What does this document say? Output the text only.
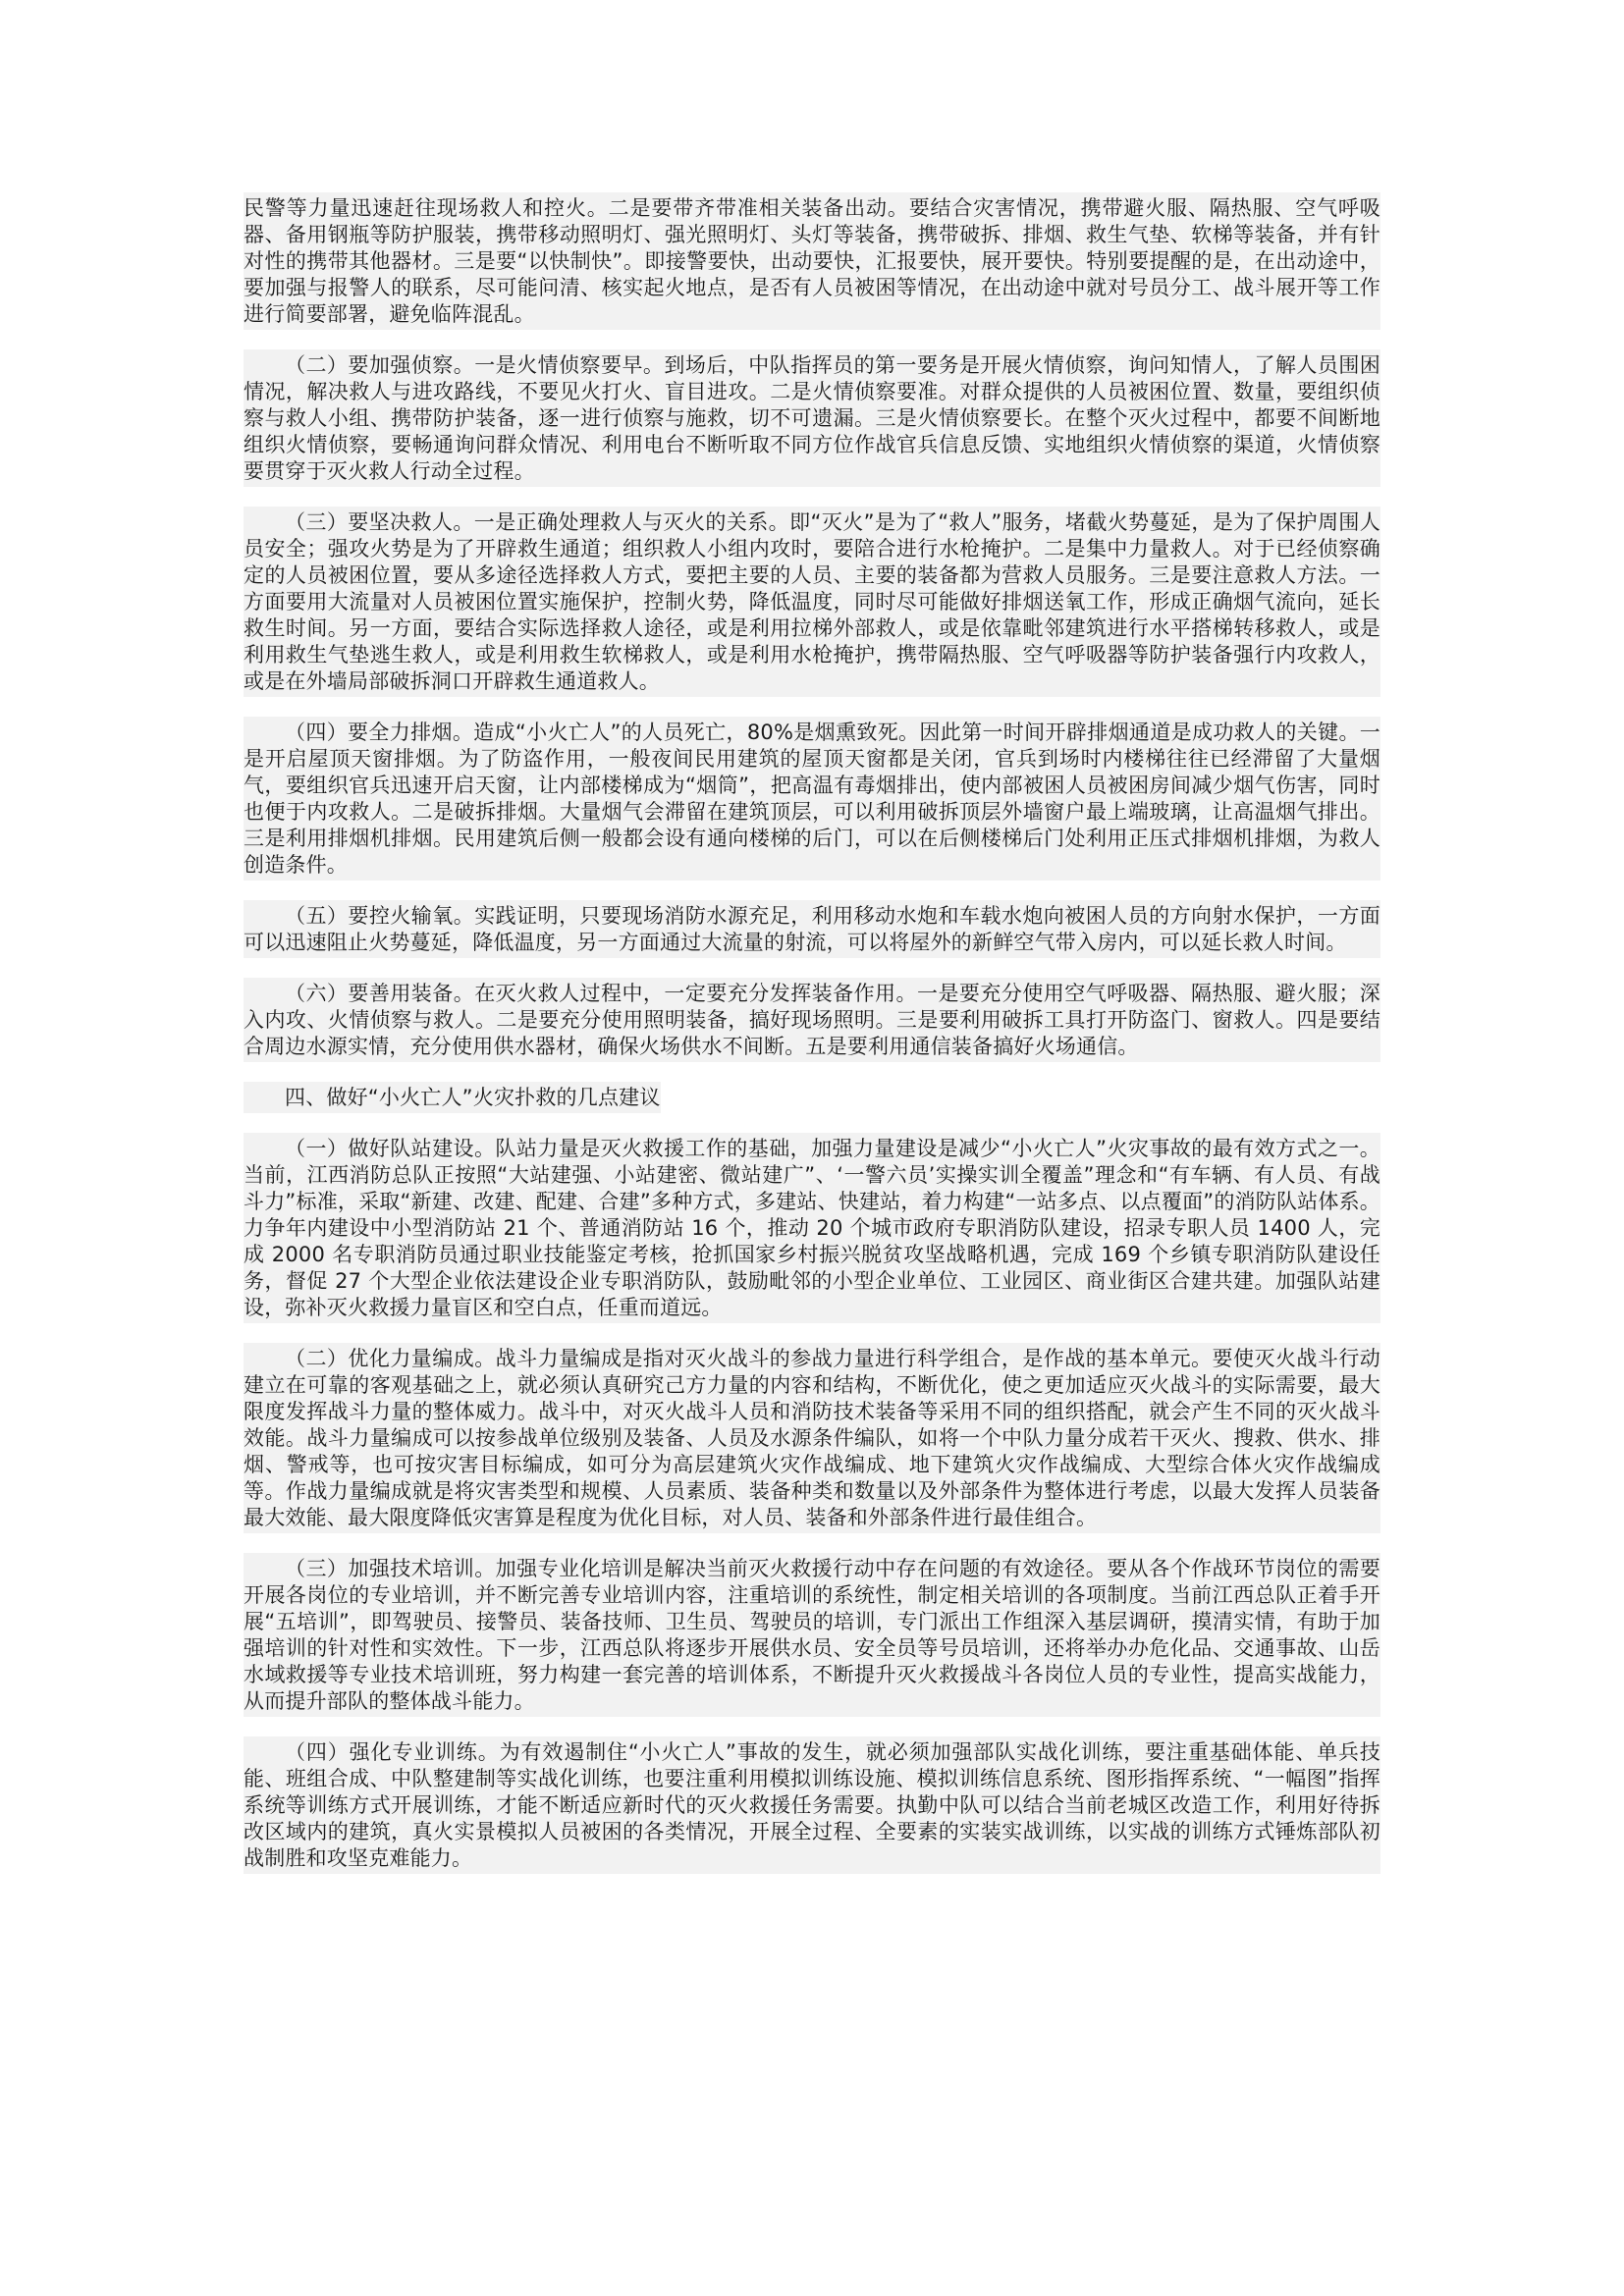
民警等力量迅速赶往现场救人和控火。二是要带齐带准相关装备出动。要结合灾害情况，携带避火服、隔热服、空气呼吸器、备用钢瓶等防护服装，携带移动照明灯、强光照明灯、头灯等装备，携带破拆、排烟、救生气垫、软梯等装备，并有针对性的携带其他器材。三是要“以快制快”。即接警要快，出动要快，汇报要快，展开要快。特别要提醒的是，在出动途中，要加强与报警人的联系，尽可能问清、核实起火地点，是否有人员被困等情况，在出动途中就对号员分工、战斗展开等工作进行简要部署，避免临阵混乱。

（二）要加强侦察。一是火情侦察要早。到场后，中队指挥员的第一要务是开展火情侦察，询问知情人，了解人员围困情况，解决救人与进攻路线，不要见火打火、盲目进攻。二是火情侦察要准。对群众提供的人员被困位置、数量，要组织侦察与救人小组、携带防护装备，逐一进行侦察与施救，切不可遗漏。三是火情侦察要长。在整个灭火过程中，都要不间断地组织火情侦察，要畅通询问群众情况、利用电台不断听取不同方位作战官兵信息反馈、实地组织火情侦察的渠道，火情侦察要贯穿于灭火救人行动全过程。

（三）要坚决救人。一是正确处理救人与灭火的关系。即“灭火”是为了“救人”服务，堵截火势蔓延，是为了保护周围人员安全；强攻火势是为了开辟救生通道；组织救人小组内攻时，要陪合进行水枪掩护。二是集中力量救人。对于已经侦察确定的人员被困位置，要从多途径选择救人方式，要把主要的人员、主要的装备都为营救人员服务。三是要注意救人方法。一方面要用大流量对人员被困位置实施保护，控制火势，降低温度，同时尽可能做好排烟送氧工作，形成正确烟气流向，延长救生时间。另一方面，要结合实际选择救人途径，或是利用拉梯外部救人，或是依靠毗邻建筑进行水平搭梯转移救人，或是利用救生气垫逃生救人，或是利用救生软梯救人，或是利用水枪掩护，携带隔热服、空气呼吸器等防护装备强行内攻救人，或是在外墙局部破拆洞口开辟救生通道救人。

（四）要全力排烟。造成“小火亡人”的人员死亡，80%是烟熏致死。因此第一时间开辟排烟通道是成功救人的关键。一是开启屋顶天窗排烟。为了防盗作用，一般夜间民用建筑的屋顶天窗都是关闭，官兵到场时内楼梯往往已经滞留了大量烟气，要组织官兵迅速开启天窗，让内部楼梯成为“烟筒”，把高温有毒烟排出，使内部被困人员被困房间减少烟气伤害，同时也便于内攻救人。二是破拆排烟。大量烟气会滞留在建筑顶层，可以利用破拆顶层外墙窗户最上端玻璃，让高温烟气排出。三是利用排烟机排烟。民用建筑后侧一般都会设有通向楼梯的后门，可以在后侧楼梯后门处利用正压式排烟机排烟，为救人创造条件。

（五）要控火输氧。实践证明，只要现场消防水源充足，利用移动水炮和车载水炮向被困人员的方向射水保护，一方面可以迅速阻止火势蔓延，降低温度，另一方面通过大流量的射流，可以将屋外的新鲜空气带入房内，可以延长救人时间。

（六）要善用装备。在灭火救人过程中，一定要充分发挥装备作用。一是要充分使用空气呼吸器、隔热服、避火服；深入内攻、火情侦察与救人。二是要充分使用照明装备，搞好现场照明。三是要利用破拆工具打开防盗门、窗救人。四是要结合周边水源实情，充分使用供水器材，确保火场供水不间断。五是要利用通信装备搞好火场通信。

四、做好“小火亡人”火灾扑救的几点建议

（一）做好队站建设。队站力量是灭火救援工作的基础，加强力量建设是减少“小火亡人”火灾事故的最有效方式之一。当前，江西消防总队正按照“大站建强、小站建密、微站建广”、‘一警六员’实操实训全覆盖”理念和“有车辆、有人员、有战斗力”标准，采取“新建、改建、配建、合建”多种方式，多建站、快建站，着力构建“一站多点、以点覆面”的消防队站体系。力争年内建设中小型消防站 21 个、普通消防站 16 个，推动 20 个城市政府专职消防队建设，招录专职人员 1400 人，完成 2000 名专职消防员通过职业技能鉴定考核，抢抓国家乡村振兴脱贫攻坚战略机遇，完成 169 个乡镇专职消防队建设任务，督促 27 个大型企业依法建设企业专职消防队，鼓励毗邻的小型企业单位、工业园区、商业街区合建共建。加强队站建设，弥补灭火救援力量盲区和空白点，任重而道远。

（二）优化力量编成。战斗力量编成是指对灭火战斗的参战力量进行科学组合，是作战的基本单元。要使灭火战斗行动建立在可靠的客观基础之上，就必须认真研究己方力量的内容和结构，不断优化，使之更加适应灭火战斗的实际需要，最大限度发挥战斗力量的整体威力。战斗中，对灭火战斗人员和消防技术装备等采用不同的组织搭配，就会产生不同的灭火战斗效能。战斗力量编成可以按参战单位级别及装备、人员及水源条件编队，如将一个中队力量分成若干灭火、搜救、供水、排烟、警戒等，也可按灾害目标编成，如可分为高层建筑火灾作战编成、地下建筑火灾作战编成、大型综合体火灾作战编成等。作战力量编成就是将灾害类型和规模、人员素质、装备种类和数量以及外部条件为整体进行考虑，以最大发挥人员装备最大效能、最大限度降低灾害算是程度为优化目标，对人员、装备和外部条件进行最佳组合。

（三）加强技术培训。加强专业化培训是解决当前灭火救援行动中存在问题的有效途径。要从各个作战环节岗位的需要开展各岗位的专业培训，并不断完善专业培训内容，注重培训的系统性，制定相关培训的各项制度。当前江西总队正着手开展“五培训”，即驾驶员、接警员、装备技师、卫生员、驾驶员的培训，专门派出工作组深入基层调研，摸清实情，有助于加强培训的针对性和实效性。下一步，江西总队将逐步开展供水员、安全员等号员培训，还将举办办危化品、交通事故、山岳水域救援等专业技术培训班，努力构建一套完善的培训体系，不断提升灭火救援战斗各岗位人员的专业性，提高实战能力，从而提升部队的整体战斗能力。

（四）强化专业训练。为有效遏制住“小火亡人”事故的发生，就必须加强部队实战化训练，要注重基础体能、单兵技能、班组合成、中队整建制等实战化训练，也要注重利用模拟训练设施、模拟训练信息系统、图形指挥系统、“一幅图”指挥系统等训练方式开展训练，才能不断适应新时代的灭火救援任务需要。执勤中队可以结合当前老城区改造工作，利用好待拆改区域内的建筑，真火实景模拟人员被困的各类情况，开展全过程、全要素的实装实战训练，以实战的训练方式锤炼部队初战制胜和攻坚克难能力。
